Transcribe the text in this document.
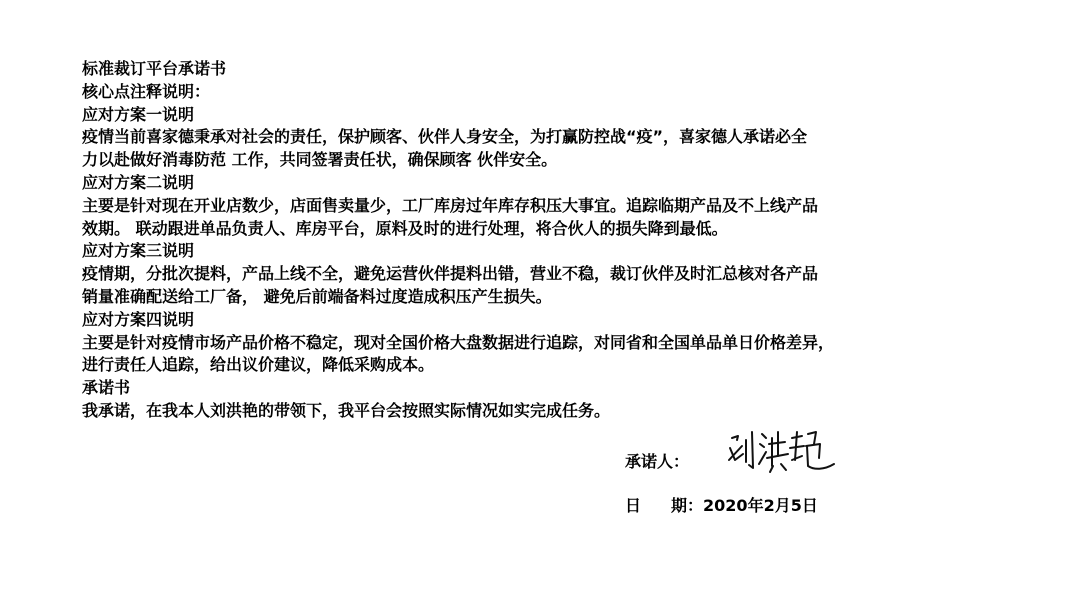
标准裁订平台承诺书
核心点注释说明：
应对方案一说明
疫情当前喜家德秉承对社会的责任，保护顾客、伙伴人身安全，为打赢防控战“疫”，喜家德人承诺必全
力以赴做好消毒防范 工作，共同签署责任状，确保顾客 伙伴安全。
应对方案二说明
主要是针对现在开业店数少，店面售卖量少，工厂库房过年库存积压大事宜。追踪临期产品及不上线产品
效期。 联动跟进单品负责人、库房平台，原料及时的进行处理，将合伙人的损失降到最低。
应对方案三说明
疫情期，分批次提料，产品上线不全，避免运营伙伴提料出错，营业不稳，裁订伙伴及时汇总核对各产品
销量准确配送给工厂备， 避免后前端备料过度造成积压产生损失。
应对方案四说明
主要是针对疫情市场产品价格不稳定，现对全国价格大盘数据进行追踪，对同省和全国单品单日价格差异，
进行责任人追踪，给出议价建议，降低采购成本。
承诺书
我承诺，在我本人刘洪艳的带领下，我平台会按照实际情况如实完成任务。
承诺人：
日 期：2020年2月5日
